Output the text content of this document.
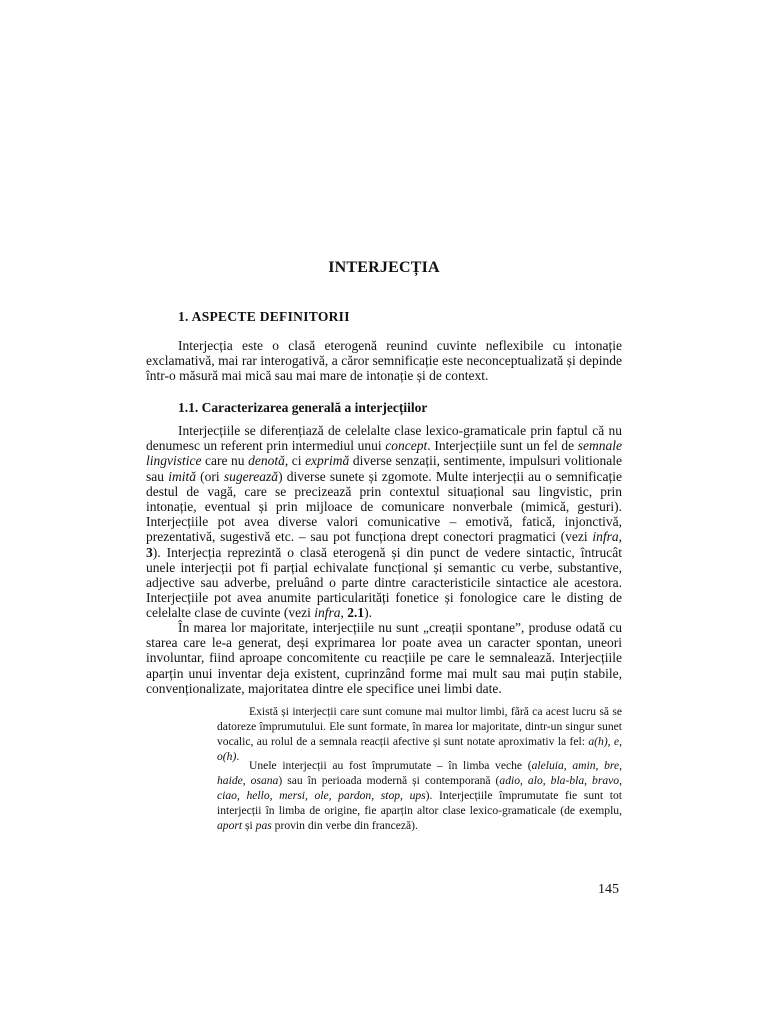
INTERJECȚIA

1. ASPECTE DEFINITORII

Interjecția este o clasă eterogenă reunind cuvinte neflexibile cu intonație exclamativă, mai rar interogativă, a căror semnificație este neconceptualizată și depinde într-o măsură mai mică sau mai mare de intonație și de context.

1.1. Caracterizarea generală a interjecțiilor

Interjecțiile se diferențiază de celelalte clase lexico-gramaticale prin faptul că nu denumesc un referent prin intermediul unui concept. Interjecțiile sunt un fel de semnale lingvistice care nu denotă, ci exprimă diverse senzații, sentimente, impulsuri volitionale sau imită (ori sugerează) diverse sunete și zgomote. Multe interjecții au o semnificație destul de vagă, care se precizează prin contextul situațional sau lingvistic, prin intonație, eventual și prin mijloace de comunicare nonverbale (mimică, gesturi). Interjecțiile pot avea diverse valori comunicative – emotivă, fatică, injonctivă, prezentativă, sugestivă etc. – sau pot funcționa drept conectori pragmatici (vezi infra, 3). Interjecția reprezintă o clasă eterogenă și din punct de vedere sintactic, întrucât unele interjecții pot fi parțial echivalate funcțional și semantic cu verbe, substantive, adjective sau adverbe, preluând o parte dintre caracteristicile sintactice ale acestora. Interjecțiile pot avea anumite particularități fonetice și fonologice care le disting de celelalte clase de cuvinte (vezi infra, 2.1).

În marea lor majoritate, interjecțiile nu sunt „creații spontane”, produse odată cu starea care le-a generat, deși exprimarea lor poate avea un caracter spontan, uneori involuntar, fiind aproape concomitente cu reacțiile pe care le semnalează. Interjecțiile aparțin unui inventar deja existent, cuprinzând forme mai mult sau mai puțin stabile, convenționalizate, majoritatea dintre ele specifice unei limbi date.

Există și interjecții care sunt comune mai multor limbi, fără ca acest lucru să se datoreze împrumutului. Ele sunt formate, în marea lor majoritate, dintr-un singur sunet vocalic, au rolul de a semnala reacții afective și sunt notate aproximativ la fel: a(h), e, o(h).

Unele interjecții au fost împrumutate – în limba veche (aleluia, amin, bre, haide, osana) sau în perioada modernă și contemporană (adio, alo, bla-bla, bravo, ciao, hello, mersi, ole, pardon, stop, ups). Interjecțiile împrumutate fie sunt tot interjecții în limba de origine, fie aparțin altor clase lexico-gramaticale (de exemplu, aport și pas provin din verbe din franceză).

145
